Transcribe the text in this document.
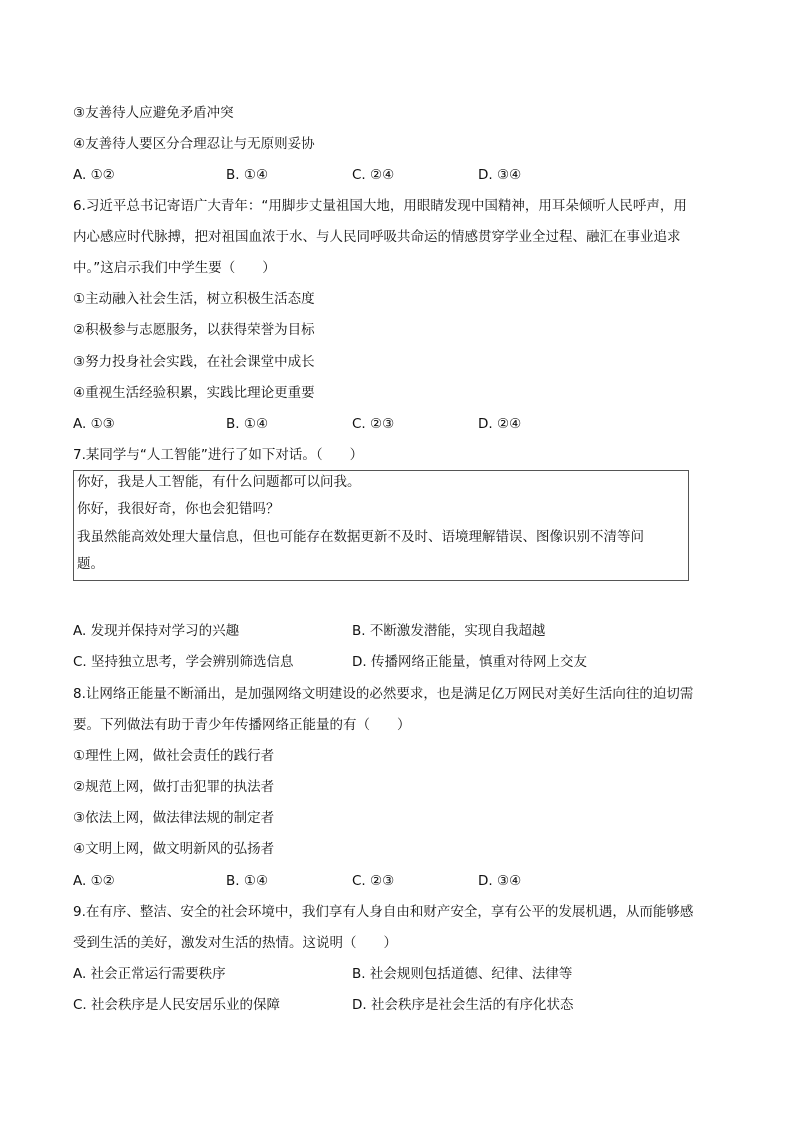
③友善待人应避免矛盾冲突
④友善待人要区分合理忍让与无原则妥协
A. ①②	B. ①④	C. ②④	D. ③④
6.习近平总书记寄语广大青年：“用脚步丈量祖国大地，用眼睛发现中国精神，用耳朵倾听人民呼声，用
内心感应时代脉搏，把对祖国血浓于水、与人民同呼吸共命运的情感贯穿学业全过程、融汇在事业追求
中。”这启示我们中学生要（　　）
①主动融入社会生活，树立积极生活态度
②积极参与志愿服务，以获得荣誉为目标
③努力投身社会实践，在社会课堂中成长
④重视生活经验积累，实践比理论更重要
A. ①③	B. ①④	C. ②③	D. ②④
7.某同学与“人工智能”进行了如下对话。（　　）
你好，我是人工智能，有什么问题都可以问我。
你好，我很好奇，你也会犯错吗？
我虽然能高效处理大量信息，但也可能存在数据更新不及时、语境理解错误、图像识别不清等问
题。
A. 发现并保持对学习的兴趣	B. 不断激发潜能，实现自我超越
C. 坚持独立思考，学会辨别筛选信息	D. 传播网络正能量，慎重对待网上交友
8.让网络正能量不断涌出，是加强网络文明建设的必然要求，也是满足亿万网民对美好生活向往的迫切需
要。下列做法有助于青少年传播网络正能量的有（　　）
①理性上网，做社会责任的践行者
②规范上网，做打击犯罪的执法者
③依法上网，做法律法规的制定者
④文明上网，做文明新风的弘扬者
A. ①②	B. ①④	C. ②③	D. ③④
9.在有序、整洁、安全的社会环境中，我们享有人身自由和财产安全，享有公平的发展机遇，从而能够感
受到生活的美好，激发对生活的热情。这说明（　　）
A. 社会正常运行需要秩序	B. 社会规则包括道德、纪律、法律等
C. 社会秩序是人民安居乐业的保障	D. 社会秩序是社会生活的有序化状态
